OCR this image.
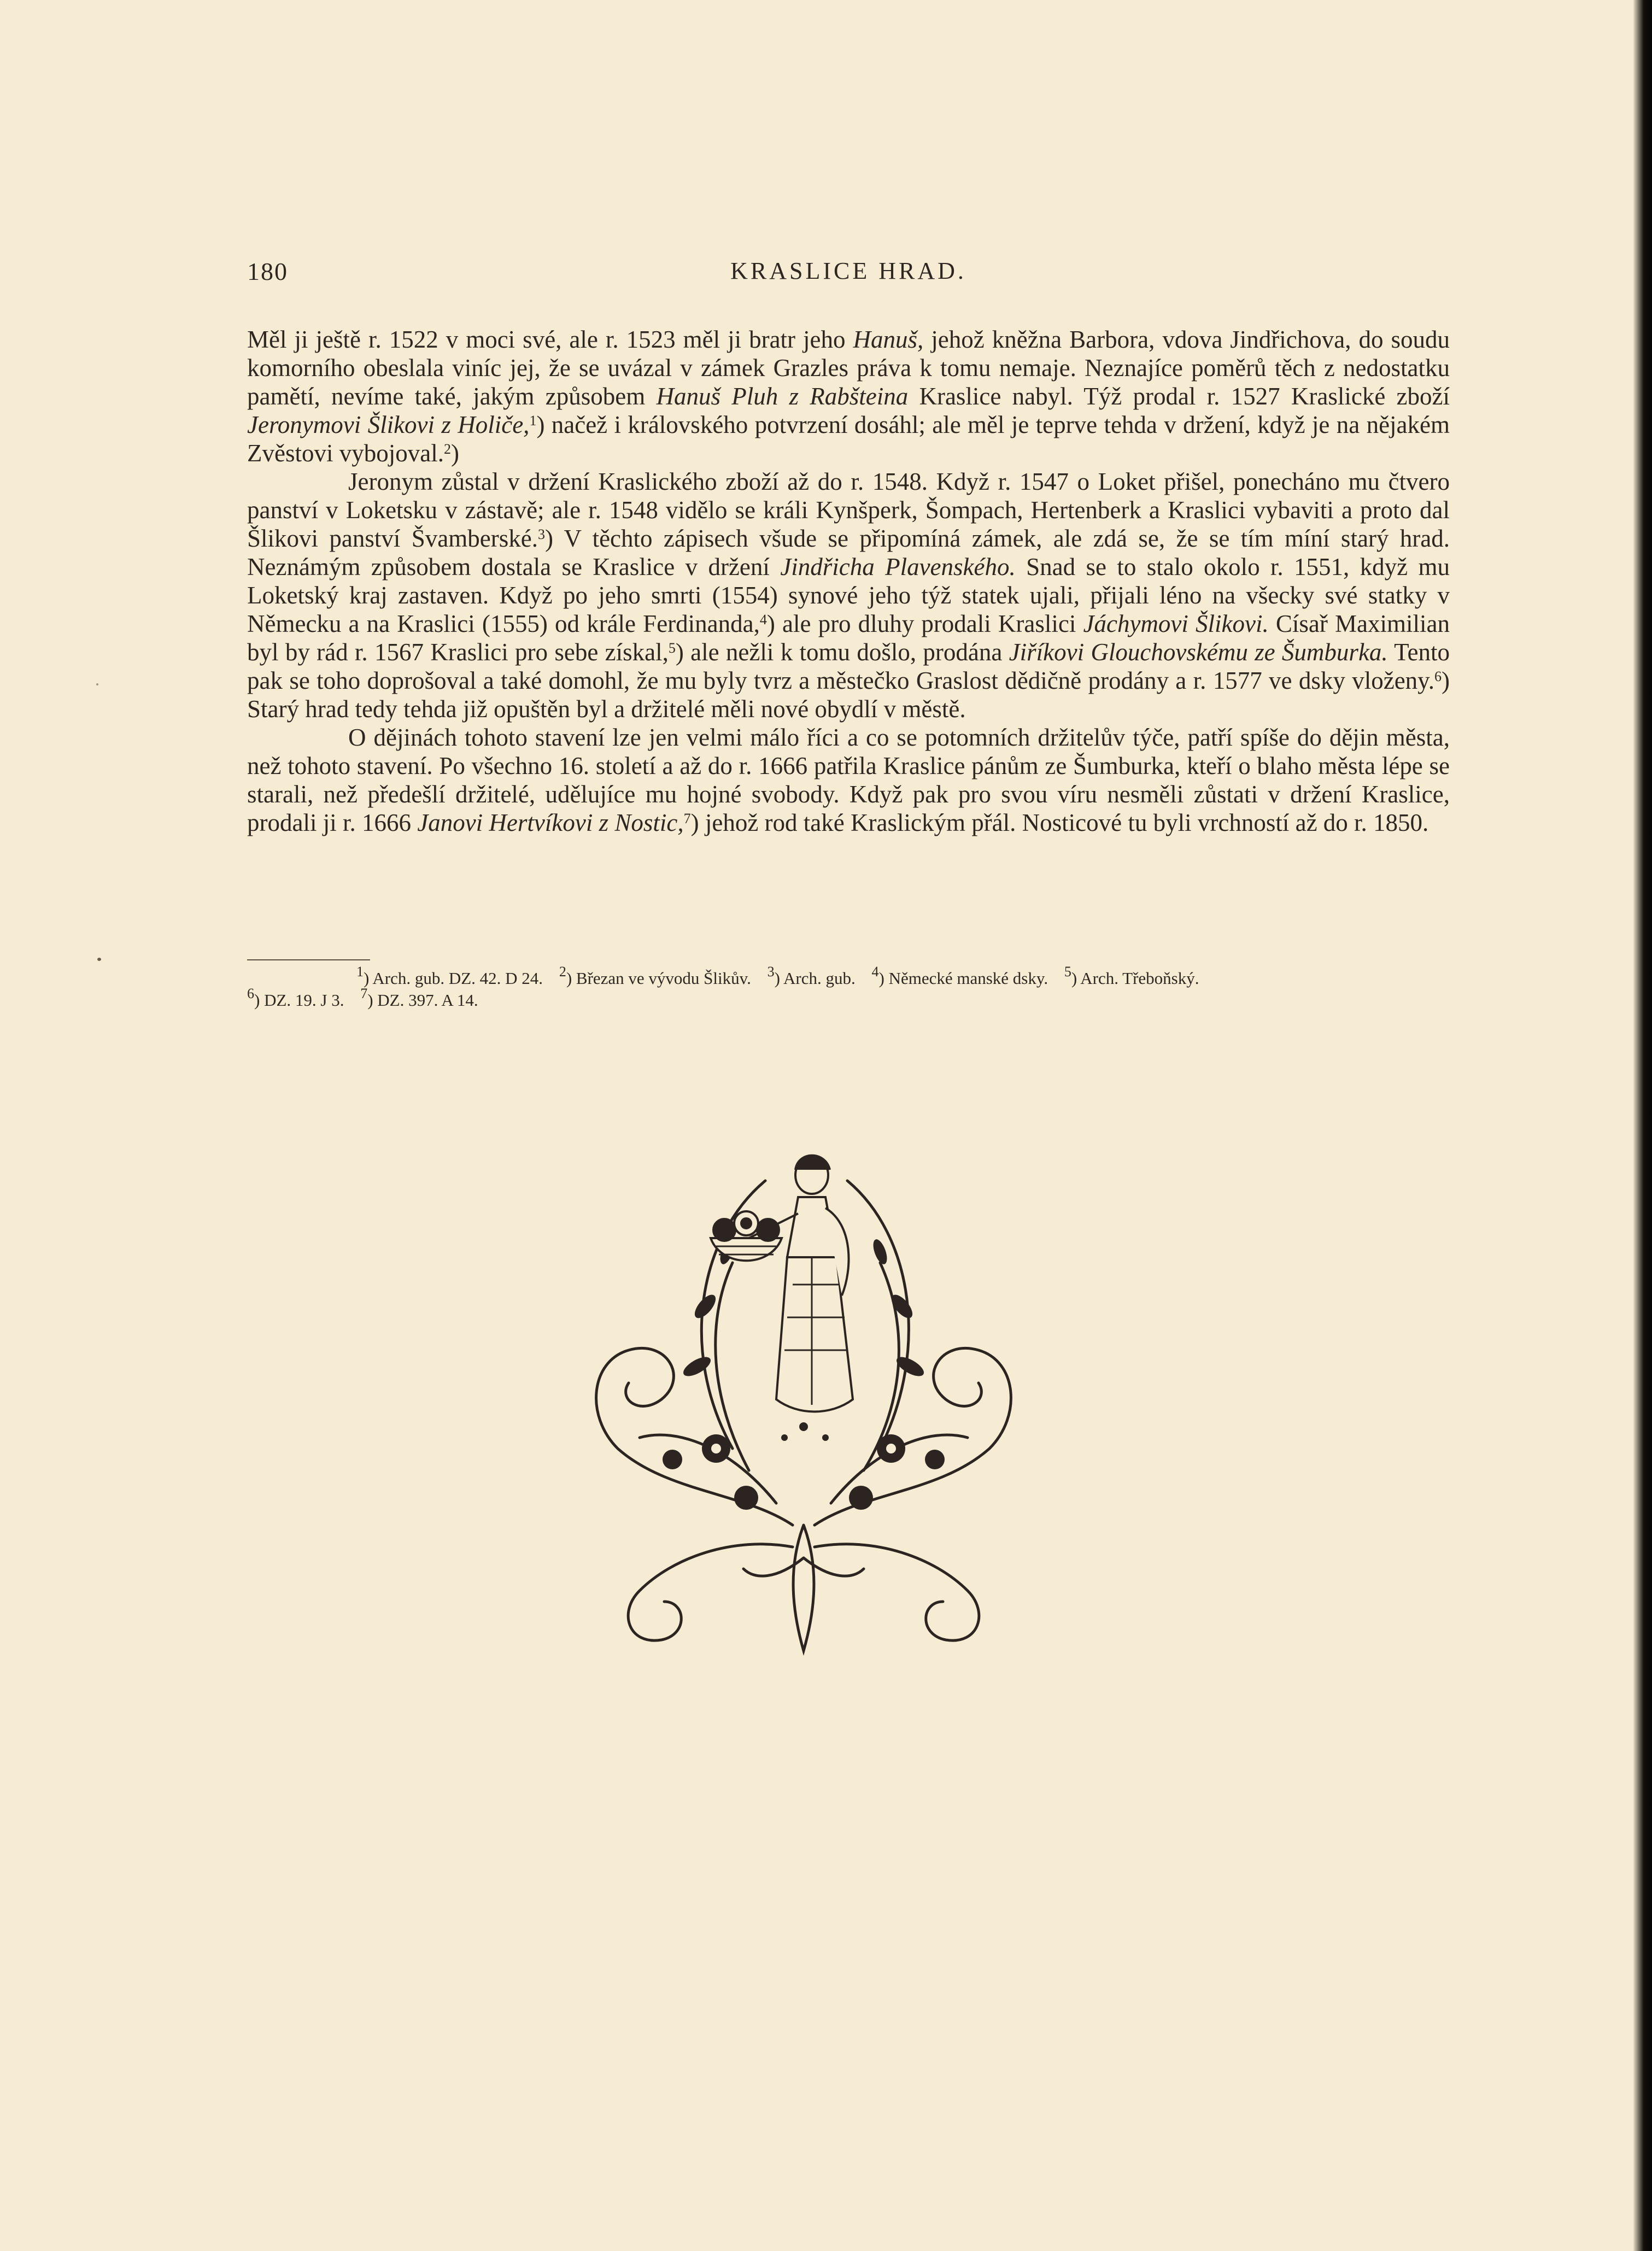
180	KRASLICE HRAD.

Měl ji ještě r. 1522 v moci své, ale r. 1523 měl ji bratr jeho Hanuš, jehož kněžna Barbora, vdova Jindřichova, do soudu komorního obeslala viníc jej, že se uvázal v zámek Grazles práva k tomu nemaje. Neznajíce poměrů těch z nedostatku pamětí, nevíme také, jakým způsobem Hanuš Pluh z Rabšteina Kraslice nabyl. Týž prodal r. 1527 Kraslické zboží Jeronymovi Šlikovi z Holiče,$^1$) načež i královského potvrzení dosáhl; ale měl je teprve tehda v držení, když je na nějakém Zvěstovi vybojoval.$^2$)

Jeronym zůstal v držení Kraslického zboží až do r. 1548. Když r. 1547 o Loket přišel, ponecháno mu čtvero panství v Loketsku v zástavě; ale r. 1548 vidělo se králi Kynšperk, Šompach, Hertenberk a Kraslici vybaviti a proto dal Šlikovi panství Švamberské.$^3$) V těchto zápisech všude se připomíná zámek, ale zdá se, že se tím míní starý hrad. Neznámým způsobem dostala se Kraslice v držení Jindřicha Plavenského. Snad se to stalo okolo r. 1551, když mu Loketský kraj zastaven. Když po jeho smrti (1554) synové jeho týž statek ujali, přijali léno na všecky své statky v Německu a na Kraslici (1555) od krále Ferdinanda,$^4$) ale pro dluhy prodali Kraslici Jáchymovi Šlikovi. Císař Maximilian byl by rád r. 1567 Kraslici pro sebe získal,$^5$) ale nežli k tomu došlo, prodána Jiříkovi Glouchovskému ze Šumburka. Tento pak se toho doprošoval a také domohl, že mu byly tvrz a městečko Graslost dědičně prodány a r. 1577 ve dsky vloženy.$^6$) Starý hrad tedy tehda již opuštěn byl a držitelé měli nové obydlí v městě.

O dějinách tohoto stavení lze jen velmi málo říci a co se potomních držitelův týče, patří spíše do dějin města, než tohoto stavení. Po všechno 16. století a až do r. 1666 patřila Kraslice pánům ze Šumburka, kteří o blaho města lépe se starali, než předešlí držitelé, udělujíce mu hojné svobody. Když pak pro svou víru nesměli zůstati v držení Kraslice, prodali ji r. 1666 Janovi Hertvíkovi z Nostic,$^7$) jehož rod také Kraslickým přál. Nosticové tu byli vrchností až do r. 1850.

$^1$) Arch. gub. DZ. 42. D 24. $^2$) Březan ve vývodu Šlikův. $^3$) Arch. gub. $^4$) Německé manské dsky. $^5$) Arch. Třeboňský.

$^6$) DZ. 19. J 3. $^7$) DZ. 397. A 14.
